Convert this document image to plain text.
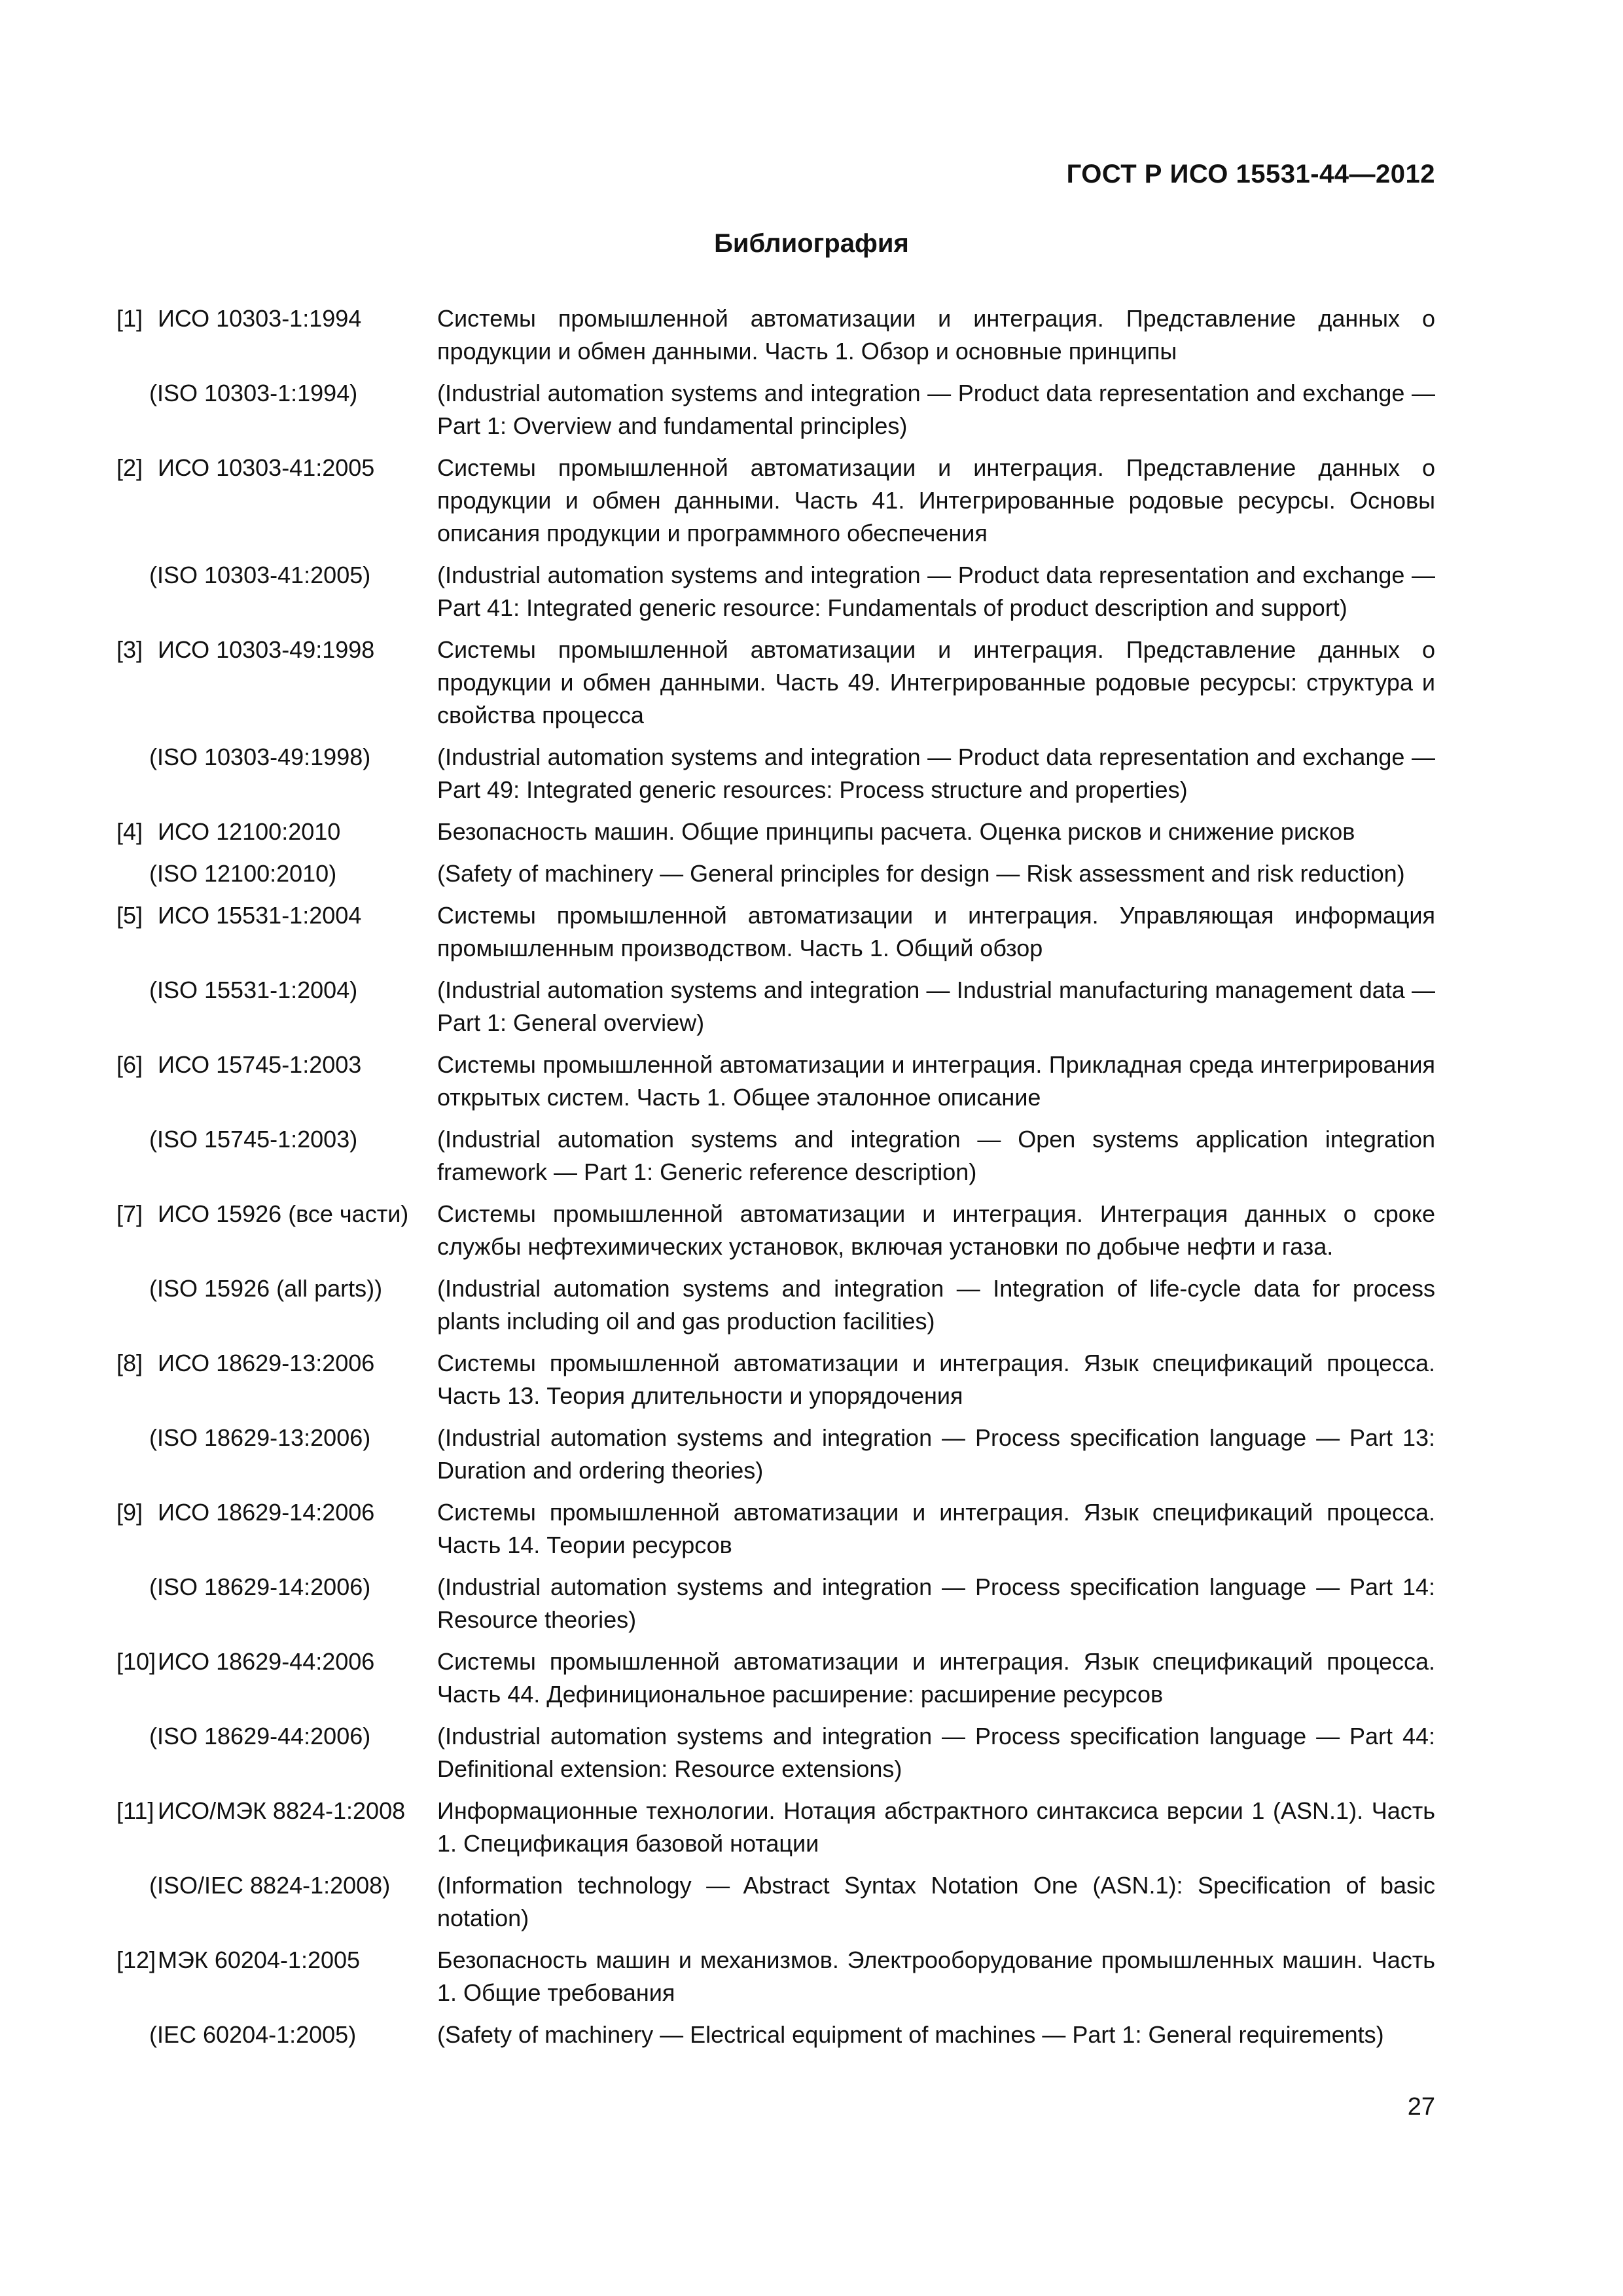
ГОСТ Р ИСО 15531-44—2012
Библиография
[1] ИСО 10303-1:1994	Системы промышленной автоматизации и интеграция. Представление данных о продукции и обмен данными. Часть 1. Обзор и основные принципы
(ISO 10303-1:1994)	(Industrial automation systems and integration — Product data representation and exchange — Part 1: Overview and fundamental principles)
[2] ИСО 10303-41:2005	Системы промышленной автоматизации и интеграция. Представление данных о продукции и обмен данными. Часть 41. Интегрированные родовые ресурсы. Основы описания продукции и программного обеспечения
(ISO 10303-41:2005)	(Industrial automation systems and integration — Product data representation and exchange — Part 41: Integrated generic resource: Fundamentals of product description and support)
[3] ИСО 10303-49:1998	Системы промышленной автоматизации и интеграция. Представление данных о продукции и обмен данными. Часть 49. Интегрированные родовые ресурсы: структура и свойства процесса
(ISO 10303-49:1998)	(Industrial automation systems and integration — Product data representation and exchange — Part 49: Integrated generic resources: Process structure and properties)
[4] ИСО 12100:2010	Безопасность машин. Общие принципы расчета. Оценка рисков и снижение рисков
(ISO 12100:2010)	(Safety of machinery — General principles for design — Risk assessment and risk reduction)
[5] ИСО 15531-1:2004	Системы промышленной автоматизации и интеграция. Управляющая информация промышленным производством. Часть 1. Общий обзор
(ISO 15531-1:2004)	(Industrial automation systems and integration — Industrial manufacturing management data — Part 1: General overview)
[6] ИСО 15745-1:2003	Системы промышленной автоматизации и интеграция. Прикладная среда интегрирования открытых систем. Часть 1. Общее эталонное описание
(ISO 15745-1:2003)	(Industrial automation systems and integration — Open systems application integration framework — Part 1: Generic reference description)
[7] ИСО 15926 (все части)	Системы промышленной автоматизации и интеграция. Интеграция данных о сроке службы нефтехимических установок, включая установки по добыче нефти и газа.
(ISO 15926 (all parts))	(Industrial automation systems and integration — Integration of life-cycle data for process plants including oil and gas production facilities)
[8] ИСО 18629-13:2006	Системы промышленной автоматизации и интеграция. Язык спецификаций процесса. Часть 13. Теория длительности и упорядочения
(ISO 18629-13:2006)	(Industrial automation systems and integration — Process specification language — Part 13: Duration and ordering theories)
[9] ИСО 18629-14:2006	Системы промышленной автоматизации и интеграция. Язык спецификаций процесса. Часть 14. Теории ресурсов
(ISO 18629-14:2006)	(Industrial automation systems and integration — Process specification language — Part 14: Resource theories)
[10] ИСО 18629-44:2006	Системы промышленной автоматизации и интеграция. Язык спецификаций процесса. Часть 44. Дефинициональное расширение: расширение ресурсов
(ISO 18629-44:2006)	(Industrial automation systems and integration — Process specification language — Part 44: Definitional extension: Resource extensions)
[11] ИСО/МЭК 8824-1:2008	Информационные технологии. Нотация абстрактного синтаксиса версии 1 (ASN.1). Часть 1. Спецификация базовой нотации
(ISO/IEC 8824-1:2008)	(Information technology — Abstract Syntax Notation One (ASN.1): Specification of basic notation)
[12] МЭК 60204-1:2005	Безопасность машин и механизмов. Электрооборудование промышленных машин. Часть 1. Общие требования
(IEC 60204-1:2005)	(Safety of machinery — Electrical equipment of machines — Part 1: General requirements)
27
